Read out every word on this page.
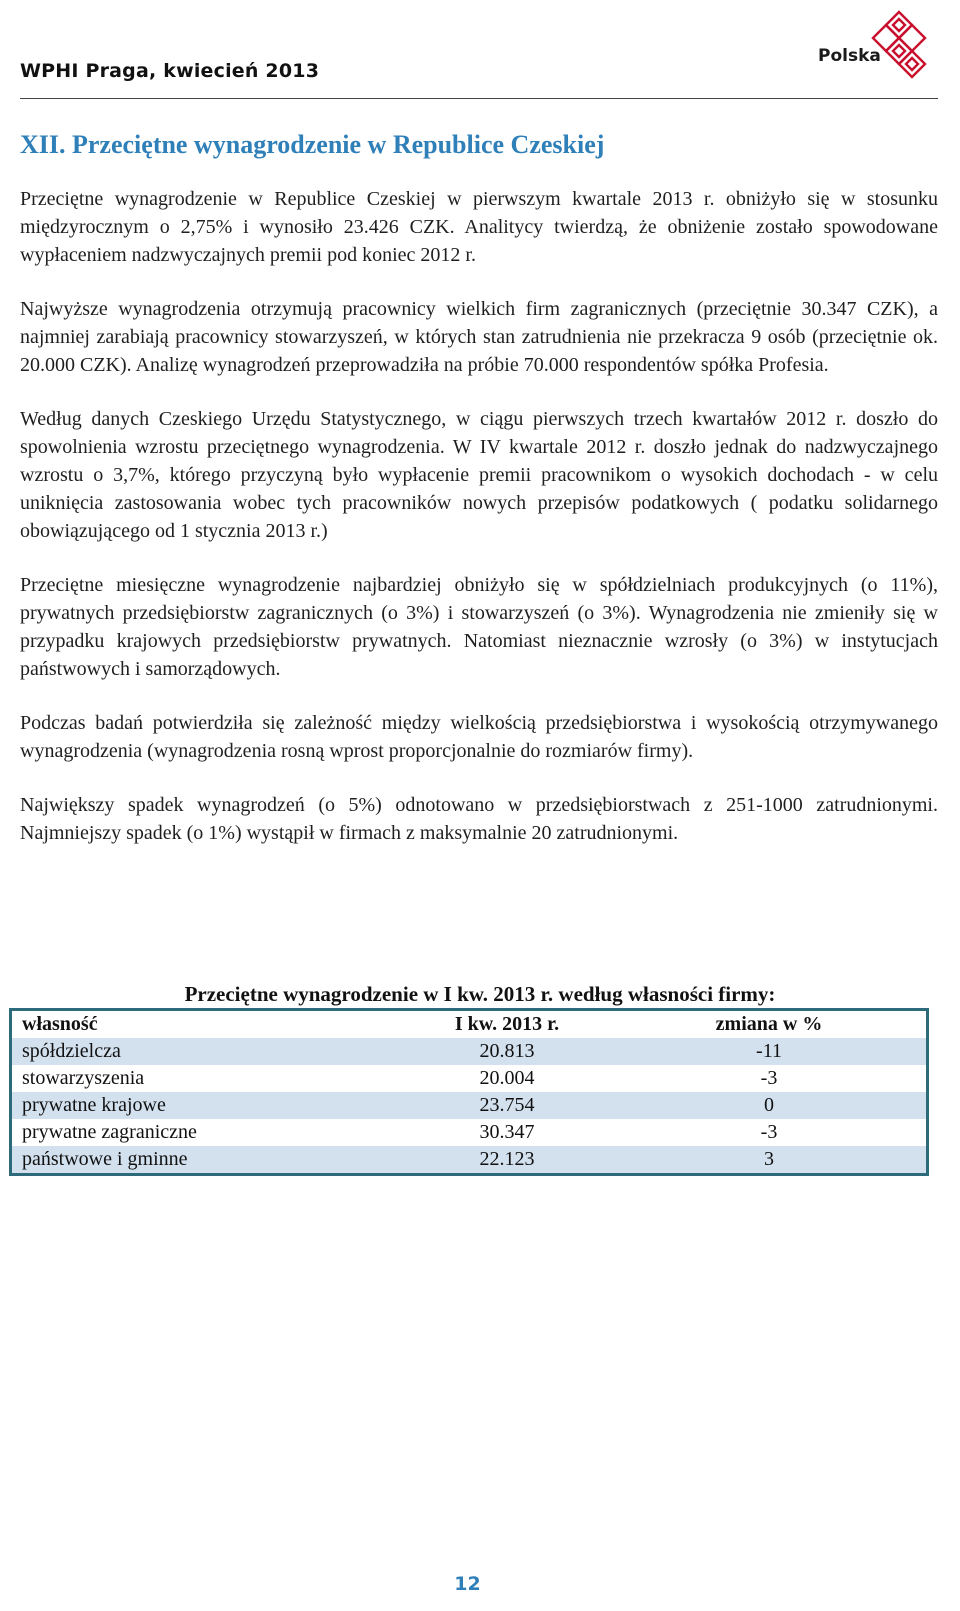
WPHI Praga, kwiecień 2013
Polska
XII. Przeciętne wynagrodzenie w Republice Czeskiej

Przeciętne wynagrodzenie w Republice Czeskiej w pierwszym kwartale 2013 r. obniżyło się w stosunku międzyrocznym o 2,75% i wynosiło 23.426 CZK. Analitycy twierdzą, że obniżenie zostało spowodowane wypłaceniem nadzwyczajnych premii pod koniec 2012 r.

Najwyższe wynagrodzenia otrzymują pracownicy wielkich firm zagranicznych (przeciętnie 30.347 CZK), a najmniej zarabiają pracownicy stowarzyszeń, w których stan zatrudnienia nie przekracza 9 osób (przeciętnie ok. 20.000 CZK). Analizę wynagrodzeń przeprowadziła na próbie 70.000 respondentów spółka Profesia.

Według danych Czeskiego Urzędu Statystycznego, w ciągu pierwszych trzech kwartałów 2012 r. doszło do spowolnienia wzrostu przeciętnego wynagrodzenia. W IV kwartale 2012 r. doszło jednak do nadzwyczajnego wzrostu o 3,7%, którego przyczyną było wypłacenie premii pracownikom o wysokich dochodach - w celu uniknięcia zastosowania wobec tych pracowników nowych przepisów podatkowych ( podatku solidarnego obowiązującego od 1 stycznia 2013 r.)

Przeciętne miesięczne wynagrodzenie najbardziej obniżyło się w spółdzielniach produkcyjnych (o 11%), prywatnych przedsiębiorstw zagranicznych (o 3%) i stowarzyszeń (o 3%). Wynagrodzenia nie zmieniły się w przypadku krajowych przedsiębiorstw prywatnych. Natomiast nieznacznie wzrosły (o 3%) w instytucjach państwowych i samorządowych.

Podczas badań potwierdziła się zależność między wielkością przedsiębiorstwa i wysokością otrzymywanego wynagrodzenia (wynagrodzenia rosną wprost proporcjonalnie do rozmiarów firmy).

Największy spadek wynagrodzeń (o 5%) odnotowano w przedsiębiorstwach z 251-1000 zatrudnionymi. Najmniejszy spadek (o 1%) wystąpił w firmach z maksymalnie 20 zatrudnionymi.

Przeciętne wynagrodzenie w I kw. 2013 r. według własności firmy:
własność	I kw. 2013 r.	zmiana w %
spółdzielcza	20.813	-11
stowarzyszenia	20.004	-3
prywatne krajowe	23.754	0
prywatne zagraniczne	30.347	-3
państwowe i gminne	22.123	3
12
